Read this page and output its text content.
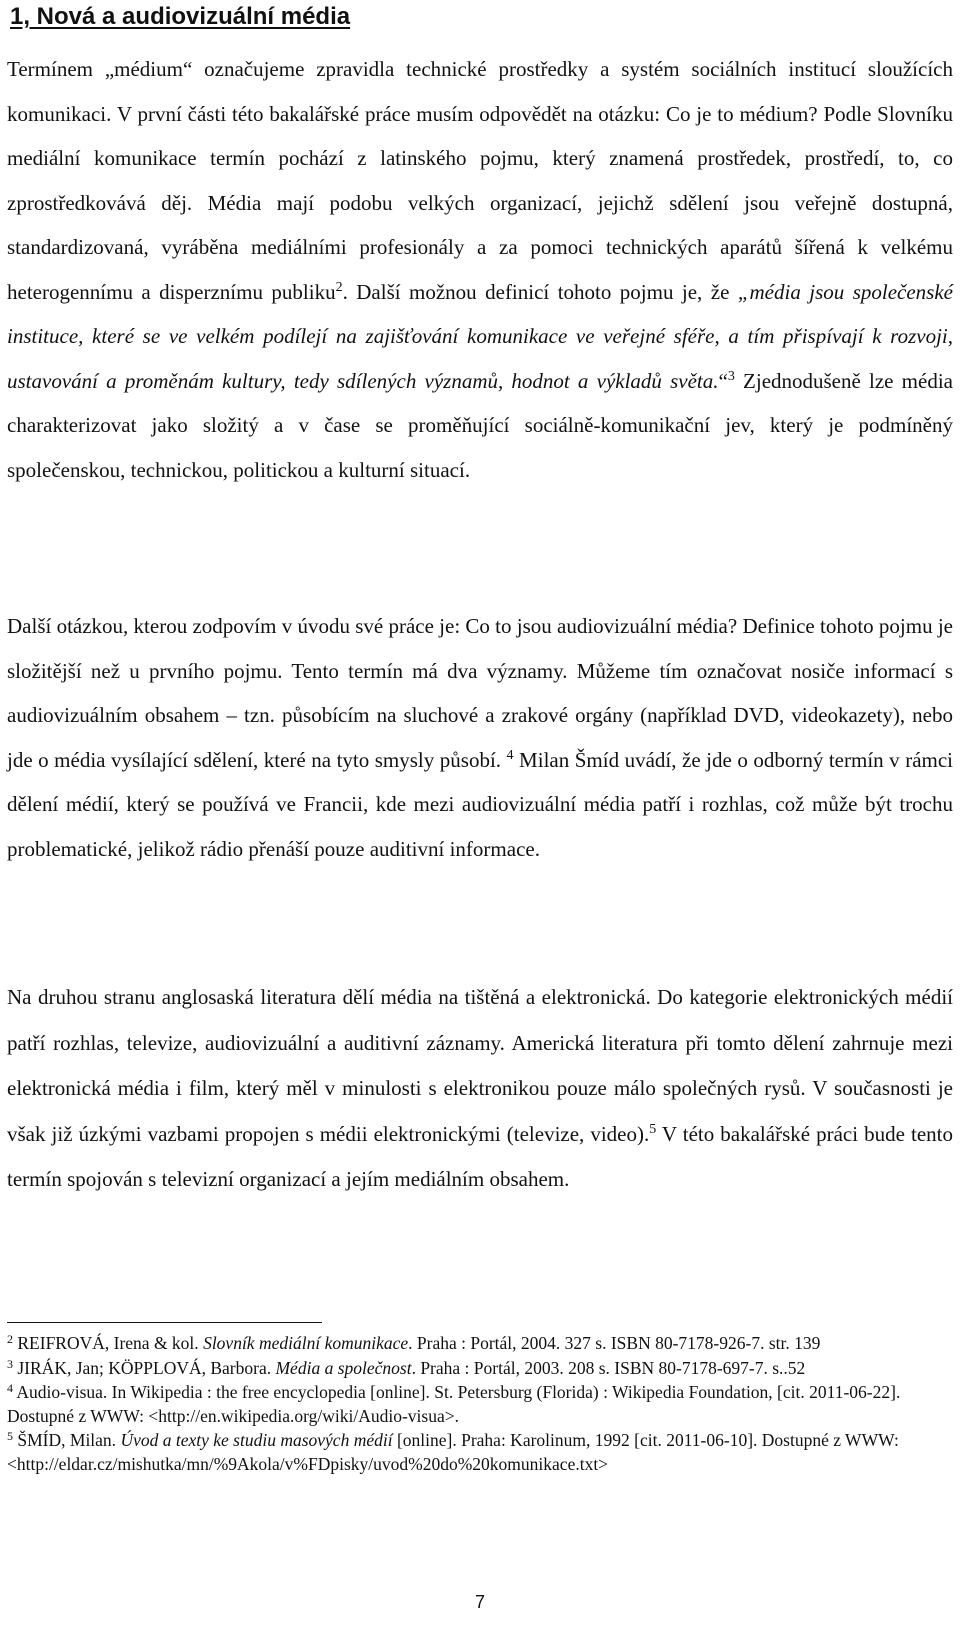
1, Nová a audiovizuální média

Termínem „médium“ označujeme zpravidla technické prostředky a systém sociálních institucí sloužících komunikaci. V první části této bakalářské práce musím odpovědět na otázku: Co je to médium? Podle Slovníku mediální komunikace termín pochází z latinského pojmu, který znamená prostředek, prostředí, to, co zprostředkovává děj. Média mají podobu velkých organizací, jejichž sdělení jsou veřejně dostupná, standardizovaná, vyráběna mediálními profesionály a za pomoci technických aparátů šířená k velkému heterogennímu a disperznímu publiku$^2$. Další možnou definicí tohoto pojmu je, že „média jsou společenské instituce, které se ve velkém podílejí na zajišťování komunikace ve veřejné sféře, a tím přispívají k rozvoji, ustavování a proměnám kultury, tedy sdílených významů, hodnot a výkladů světa.“$^3$ Zjednodušeně lze média charakterizovat jako složitý a v čase se proměňující sociálně-komunikační jev, který je podmíněný společenskou, technickou, politickou a kulturní situací.

Další otázkou, kterou zodpovím v úvodu své práce je: Co to jsou audiovizuální média? Definice tohoto pojmu je složitější než u prvního pojmu. Tento termín má dva významy. Můžeme tím označovat nosiče informací s audiovizuálním obsahem – tzn. působícím na sluchové a zrakové orgány (například DVD, videokazety), nebo jde o média vysílající sdělení, které na tyto smysly působí. $^4$ Milan Šmíd uvádí, že jde o odborný termín v rámci dělení médií, který se používá ve Francii, kde mezi audiovizuální média patří i rozhlas, což může být trochu problematické, jelikož rádio přenáší pouze auditivní informace.

Na druhou stranu anglosaská literatura dělí média na tištěná a elektronická. Do kategorie elektronických médií patří rozhlas, televize, audiovizuální a auditivní záznamy. Americká literatura při tomto dělení zahrnuje mezi elektronická média i film, který měl v minulosti s elektronikou pouze málo společných rysů. V současnosti je však již úzkými vazbami propojen s médii elektronickými (televize, video).$^5$ V této bakalářské práci bude tento termín spojován s televizní organizací a jejím mediálním obsahem.

$^2$ REIFROVÁ, Irena & kol. Slovník mediální komunikace. Praha : Portál, 2004. 327 s. ISBN 80-7178-926-7. str. 139

$^3$ JIRÁK, Jan; KÖPPLOVÁ, Barbora. Média a společnost. Praha : Portál, 2003. 208 s. ISBN 80-7178-697-7. s..52

$^4$ Audio-visua. In Wikipedia : the free encyclopedia [online]. St. Petersburg (Florida) : Wikipedia Foundation, [cit. 2011-06-22]. Dostupné z WWW: <http://en.wikipedia.org/wiki/Audio-visua>.

$^5$ ŠMÍD, Milan. Úvod a texty ke studiu masových médií [online]. Praha: Karolinum, 1992 [cit. 2011-06-10]. Dostupné z WWW:
<http://eldar.cz/mishutka/mn/%9Akola/v%FDpisky/uvod%20do%20komunikace.txt>

7
